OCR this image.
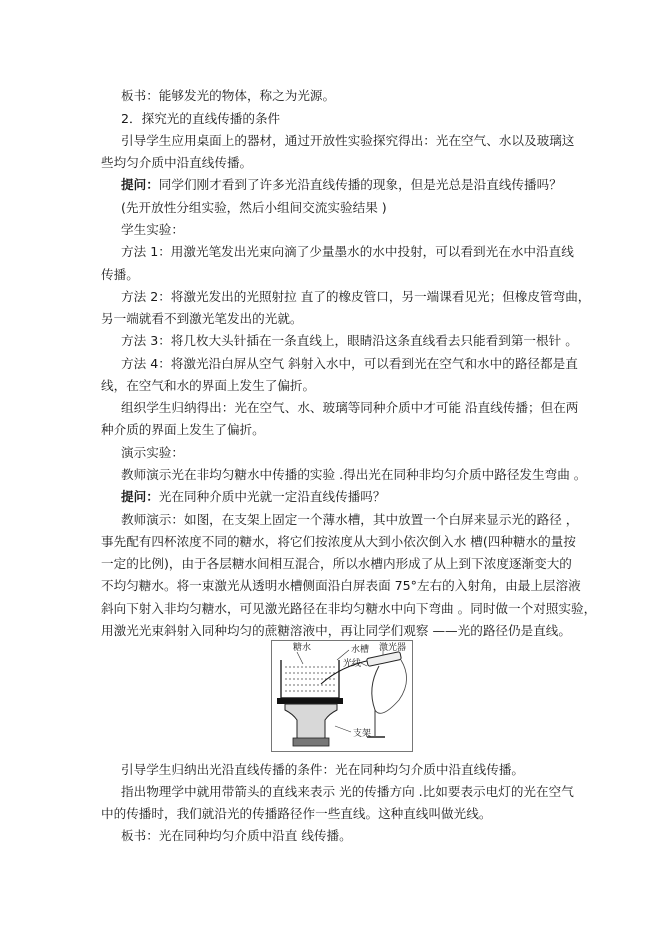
板书：能够发光的物体，称之为光源。
2．探究光的直线传播的条件
引导学生应用桌面上的器材，通过开放性实验探究得出：光在空气、水以及玻璃这
些均匀介质中沿直线传播。
提问：同学们刚才看到了许多光沿直线传播的现象，但是光总是沿直线传播吗？
(先开放性分组实验，然后小组间交流实验结果 )
学生实验：
方法 1：用激光笔发出光束向滴了少量墨水的水中投射，可以看到光在水中沿直线
传播。
方法 2：将激光发出的光照射拉 直了的橡皮管口，另一端课看见光；但橡皮管弯曲，
另一端就看不到激光笔发出的光就。
方法 3：将几枚大头针插在一条直线上，眼睛沿这条直线看去只能看到第一根针 。
方法 4：将激光沿白屏从空气 斜射入水中，可以看到光在空气和水中的路径都是直
线，在空气和水的界面上发生了偏折。
组织学生归纳得出：光在空气、水、玻璃等同种介质中才可能 沿直线传播；但在两
种介质的界面上发生了偏折。
演示实验：
教师演示光在非均匀糖水中传播的实验 .得出光在同种非均匀介质中路径发生弯曲 。
提问：光在同种介质中光就一定沿直线传播吗？
教师演示：如图，在支架上固定一个薄水槽，其中放置一个白屏来显示光的路径 ，
事先配有四杯浓度不同的糖水，将它们按浓度从大到小依次倒入水 槽(四种糖水的量按
一定的比例)，由于各层糖水间相互混合，所以水槽内形成了从上到下浓度逐渐变大的
不均匀糖水。将一束激光从透明水槽侧面沿白屏表面 75°左右的入射角，由最上层溶液
斜向下射入非均匀糖水，可见激光路径在非均匀糖水中向下弯曲 。同时做一个对照实验，
用激光光束斜射入同种均匀的蔗糖溶液中，再让同学们观察 ——光的路径仍是直线。
糖水
光线
水槽 激光器
支架
引导学生归纳出光沿直线传播的条件：光在同种均匀介质中沿直线传播。
指出物理学中就用带箭头的直线来表示 光的传播方向 .比如要表示电灯的光在空气
中的传播时，我们就沿光的传播路径作一些直线。这种直线叫做光线。
板书：光在同种均匀介质中沿直 线传播。
